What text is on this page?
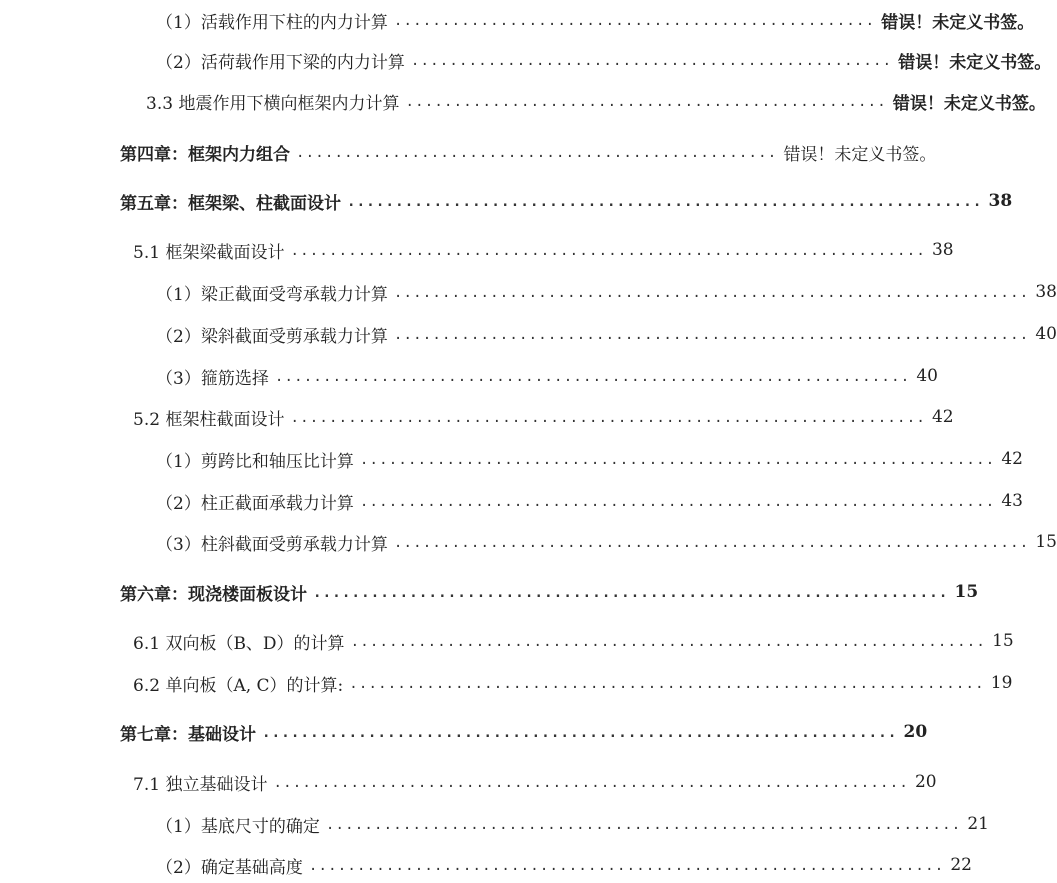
（1）活载作用下柱的内力计算 .................................................. 错误！未定义书签。
（2）活荷载作用下梁的内力计算 .................................................. 错误！未定义书签。
3.3 地震作用下横向框架内力计算 .................................................. 错误！未定义书签。
第四章：框架内力组合 .................................................. 错误！未定义书签。
第五章：框架梁、柱截面设计 .................................................................. 38
5.1 框架梁截面设计 .................................................................. 38
（1）梁正截面受弯承载力计算 .................................................................. 38
（2）梁斜截面受剪承载力计算 .................................................................. 40
（3）箍筋选择 .................................................................. 40
5.2 框架柱截面设计 .................................................................. 42
（1）剪跨比和轴压比计算 .................................................................. 42
（2）柱正截面承载力计算 .................................................................. 43
（3）柱斜截面受剪承载力计算 .................................................................. 15
第六章：现浇楼面板设计 .................................................................. 15
6.1 双向板（B、D）的计算 .................................................................. 15
6.2 单向板（A, C）的计算: .................................................................. 19
第七章：基础设计 .................................................................. 20
7.1 独立基础设计 .................................................................. 20
（1）基底尺寸的确定 .................................................................. 21
（2）确定基础高度 .................................................................. 22
